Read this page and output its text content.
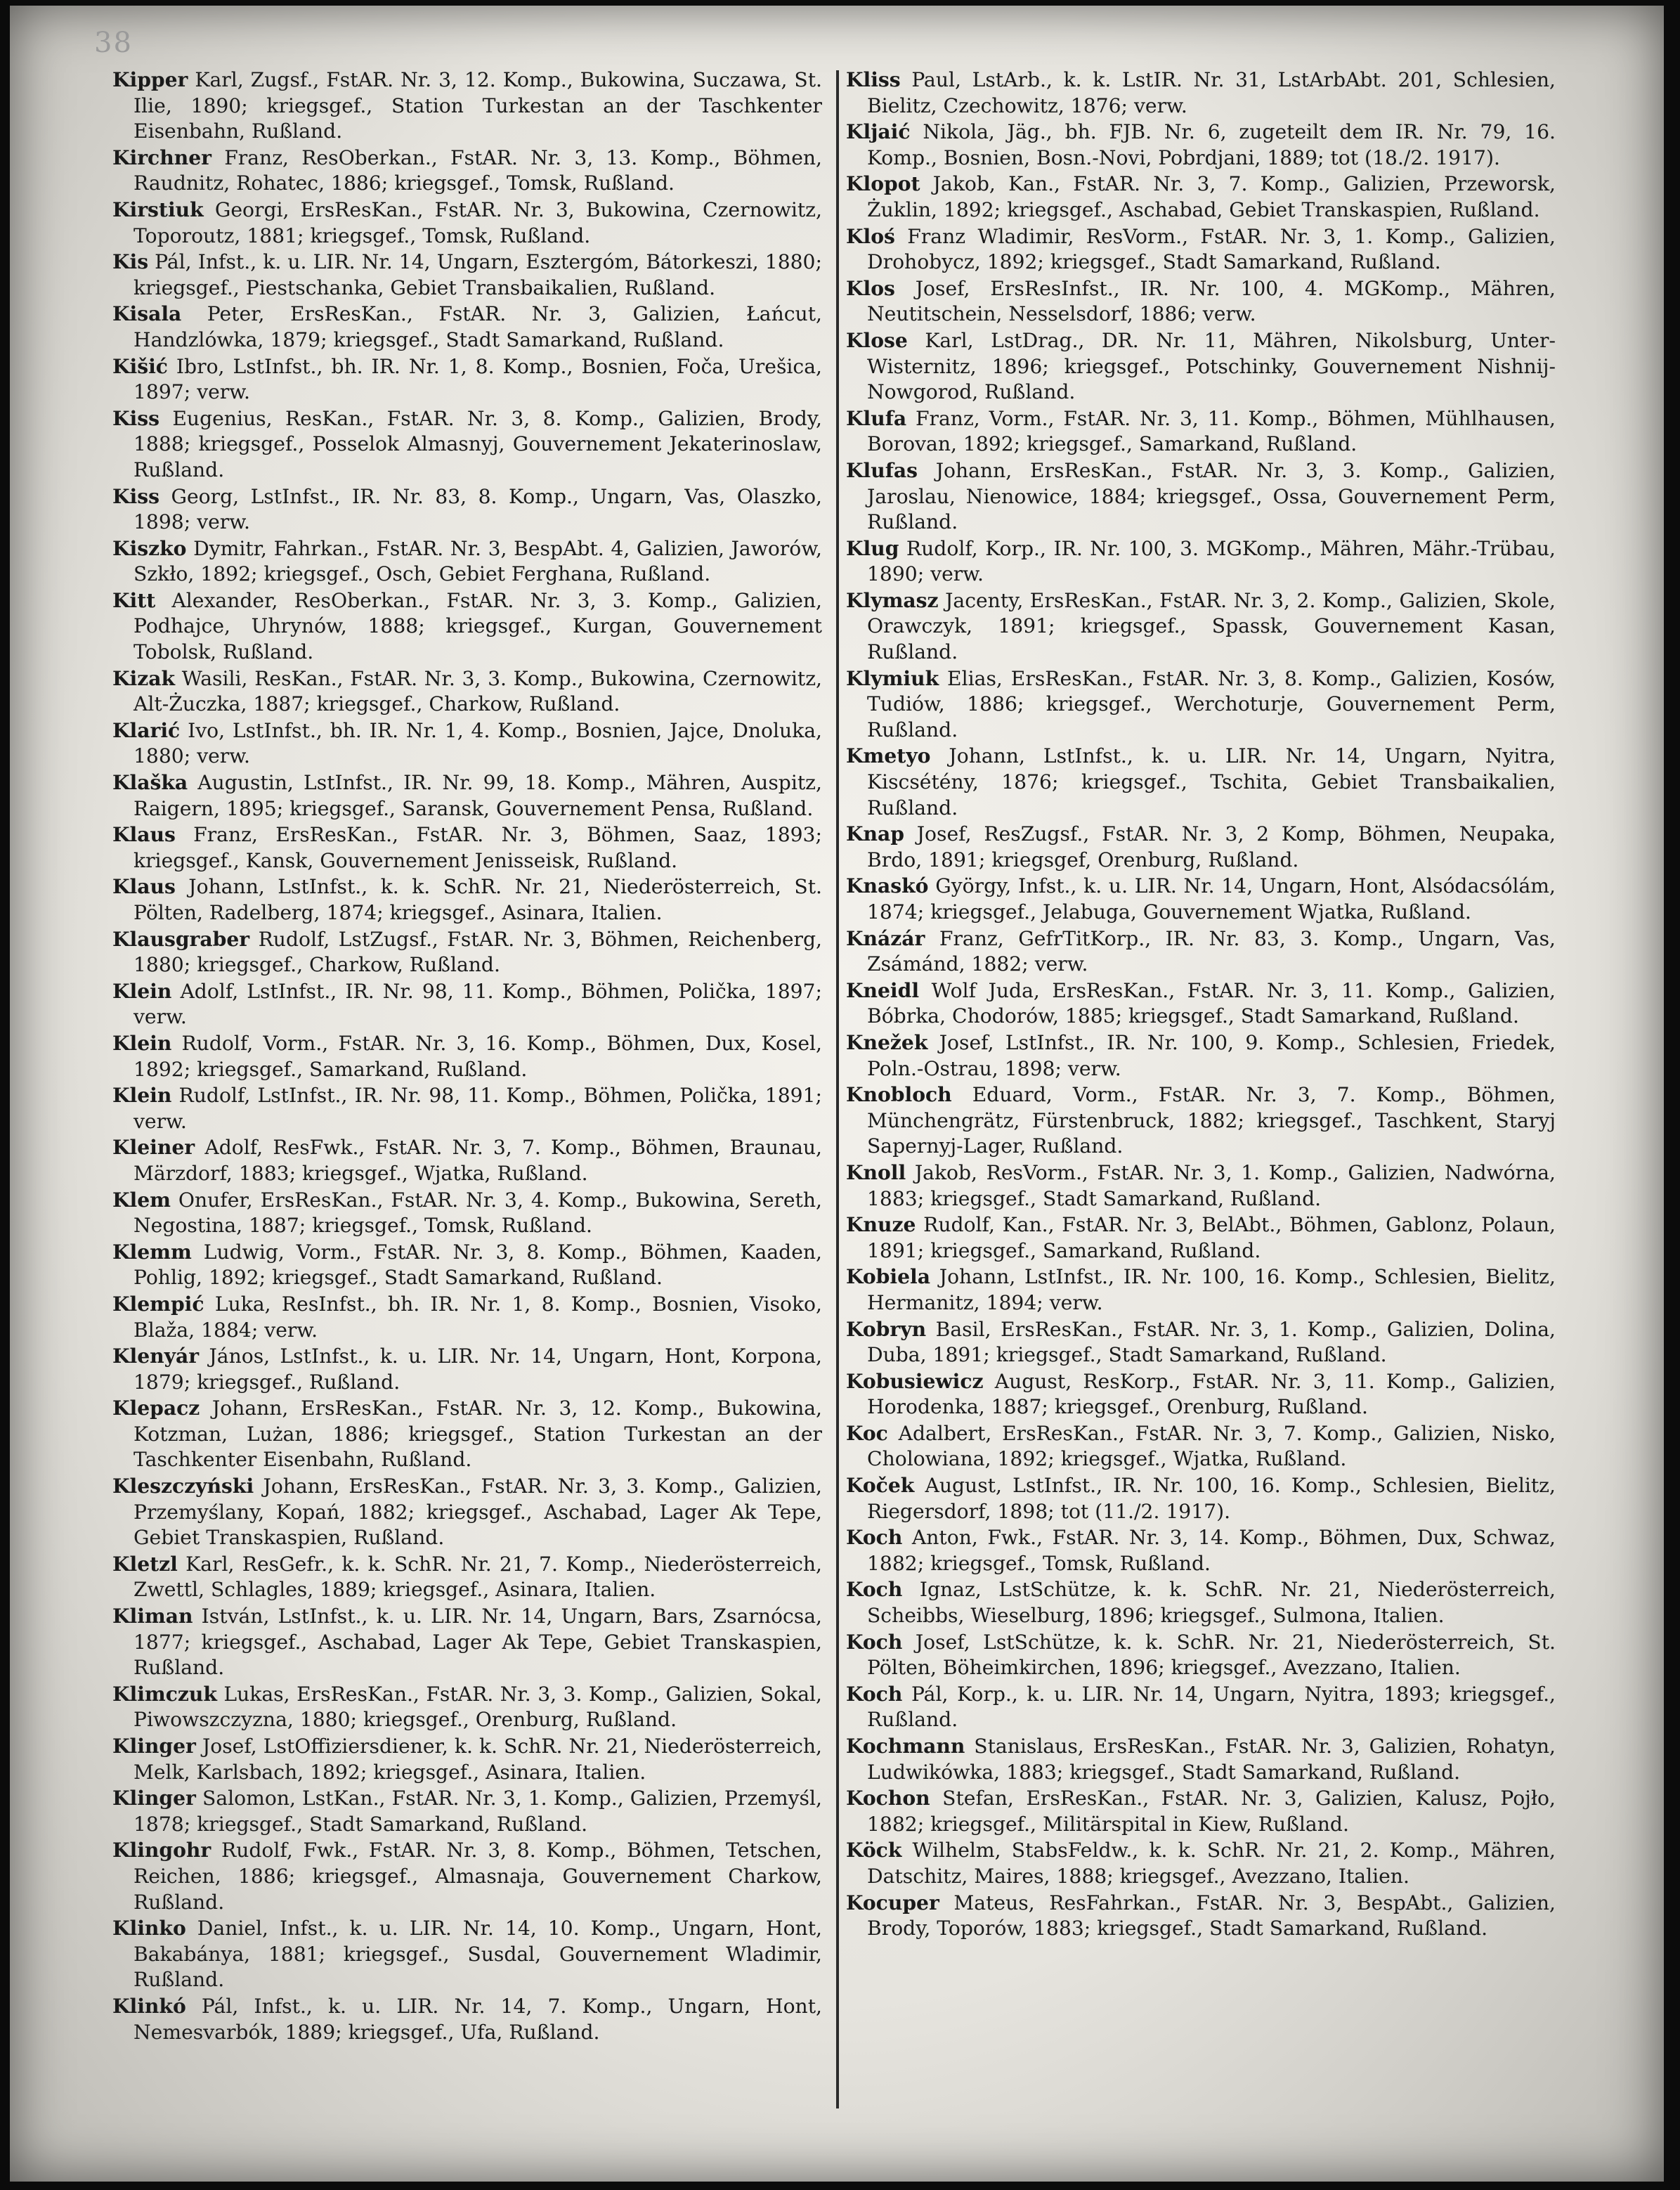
38

Kipper Karl, Zugsf., FstAR. Nr. 3, 12. Komp., Bukowina, Suczawa, St. Ilie, 1890; kriegsgef., Station Turkestan an der Taschkenter Eisenbahn, Rußland.

Kirchner Franz, ResOberkan., FstAR. Nr. 3, 13. Komp., Böhmen, Raudnitz, Rohatec, 1886; kriegsgef., Tomsk, Rußland.

Kirstiuk Georgi, ErsResKan., FstAR. Nr. 3, Bukowina, Czernowitz, Toporoutz, 1881; kriegsgef., Tomsk, Rußland.

Kis Pál, Infst., k. u. LIR. Nr. 14, Ungarn, Esztergóm, Bátorkeszi, 1880; kriegsgef., Piestschanka, Gebiet Transbaikalien, Rußland.

Kisala Peter, ErsResKan., FstAR. Nr. 3, Galizien, Łańcut, Handzlówka, 1879; kriegsgef., Stadt Samarkand, Rußland.

Kišić Ibro, LstInfst., bh. IR. Nr. 1, 8. Komp., Bosnien, Foča, Urešica, 1897; verw.

Kiss Eugenius, ResKan., FstAR. Nr. 3, 8. Komp., Galizien, Brody, 1888; kriegsgef., Posselok Almasnyj, Gouvernement Jekaterinoslaw, Rußland.

Kiss Georg, LstInfst., IR. Nr. 83, 8. Komp., Ungarn, Vas, Olaszko, 1898; verw.

Kiszko Dymitr, Fahrkan., FstAR. Nr. 3, BespAbt. 4, Galizien, Jaworów, Szkło, 1892; kriegsgef., Osch, Gebiet Ferghana, Rußland.

Kitt Alexander, ResOberkan., FstAR. Nr. 3, 3. Komp., Galizien, Podhajce, Uhrynów, 1888; kriegsgef., Kurgan, Gouvernement Tobolsk, Rußland.

Kizak Wasili, ResKan., FstAR. Nr. 3, 3. Komp., Bukowina, Czernowitz, Alt-Żuczka, 1887; kriegsgef., Charkow, Rußland.

Klarić Ivo, LstInfst., bh. IR. Nr. 1, 4. Komp., Bosnien, Jajce, Dnoluka, 1880; verw.

Klaška Augustin, LstInfst., IR. Nr. 99, 18. Komp., Mähren, Auspitz, Raigern, 1895; kriegsgef., Saransk, Gouvernement Pensa, Rußland.

Klaus Franz, ErsResKan., FstAR. Nr. 3, Böhmen, Saaz, 1893; kriegsgef., Kansk, Gouvernement Jenisseisk, Rußland.

Klaus Johann, LstInfst., k. k. SchR. Nr. 21, Niederösterreich, St. Pölten, Radelberg, 1874; kriegsgef., Asinara, Italien.

Klausgraber Rudolf, LstZugsf., FstAR. Nr. 3, Böhmen, Reichenberg, 1880; kriegsgef., Charkow, Rußland.

Klein Adolf, LstInfst., IR. Nr. 98, 11. Komp., Böhmen, Polička, 1897; verw.

Klein Rudolf, Vorm., FstAR. Nr. 3, 16. Komp., Böhmen, Dux, Kosel, 1892; kriegsgef., Samarkand, Rußland.

Klein Rudolf, LstInfst., IR. Nr. 98, 11. Komp., Böhmen, Polička, 1891; verw.

Kleiner Adolf, ResFwk., FstAR. Nr. 3, 7. Komp., Böhmen, Braunau, Märzdorf, 1883; kriegsgef., Wjatka, Rußland.

Klem Onufer, ErsResKan., FstAR. Nr. 3, 4. Komp., Bukowina, Sereth, Negostina, 1887; kriegsgef., Tomsk, Rußland.

Klemm Ludwig, Vorm., FstAR. Nr. 3, 8. Komp., Böhmen, Kaaden, Pohlig, 1892; kriegsgef., Stadt Samarkand, Rußland.

Klempić Luka, ResInfst., bh. IR. Nr. 1, 8. Komp., Bosnien, Visoko, Blaža, 1884; verw.

Klenyár János, LstInfst., k. u. LIR. Nr. 14, Ungarn, Hont, Korpona, 1879; kriegsgef., Rußland.

Klepacz Johann, ErsResKan., FstAR. Nr. 3, 12. Komp., Bukowina, Kotzman, Lużan, 1886; kriegsgef., Station Turkestan an der Taschkenter Eisenbahn, Rußland.

Kleszczyński Johann, ErsResKan., FstAR. Nr. 3, 3. Komp., Galizien, Przemyślany, Kopań, 1882; kriegsgef., Aschabad, Lager Ak Tepe, Gebiet Transkaspien, Rußland.

Kletzl Karl, ResGefr., k. k. SchR. Nr. 21, 7. Komp., Niederösterreich, Zwettl, Schlagles, 1889; kriegsgef., Asinara, Italien.

Kliman István, LstInfst., k. u. LIR. Nr. 14, Ungarn, Bars, Zsarnócsa, 1877; kriegsgef., Aschabad, Lager Ak Tepe, Gebiet Transkaspien, Rußland.

Klimczuk Lukas, ErsResKan., FstAR. Nr. 3, 3. Komp., Galizien, Sokal, Piwowszczyzna, 1880; kriegsgef., Orenburg, Rußland.

Klinger Josef, LstOffiziersdiener, k. k. SchR. Nr. 21, Niederösterreich, Melk, Karlsbach, 1892; kriegsgef., Asinara, Italien.

Klinger Salomon, LstKan., FstAR. Nr. 3, 1. Komp., Galizien, Przemyśl, 1878; kriegsgef., Stadt Samarkand, Rußland.

Klingohr Rudolf, Fwk., FstAR. Nr. 3, 8. Komp., Böhmen, Tetschen, Reichen, 1886; kriegsgef., Almasnaja, Gouvernement Charkow, Rußland.

Klinko Daniel, Infst., k. u. LIR. Nr. 14, 10. Komp., Ungarn, Hont, Bakabánya, 1881; kriegsgef., Susdal, Gouvernement Wladimir, Rußland.

Klinkó Pál, Infst., k. u. LIR. Nr. 14, 7. Komp., Ungarn, Hont, Nemesvarbók, 1889; kriegsgef., Ufa, Rußland.

Kliss Paul, LstArb., k. k. LstIR. Nr. 31, LstArbAbt. 201, Schlesien, Bielitz, Czechowitz, 1876; verw.

Kljaić Nikola, Jäg., bh. FJB. Nr. 6, zugeteilt dem IR. Nr. 79, 16. Komp., Bosnien, Bosn.-Novi, Pobrdjani, 1889; tot (18./2. 1917).

Klopot Jakob, Kan., FstAR. Nr. 3, 7. Komp., Galizien, Przeworsk, Żuklin, 1892; kriegsgef., Aschabad, Gebiet Transkaspien, Rußland.

Kloś Franz Wladimir, ResVorm., FstAR. Nr. 3, 1. Komp., Galizien, Drohobycz, 1892; kriegsgef., Stadt Samarkand, Rußland.

Klos Josef, ErsResInfst., IR. Nr. 100, 4. MGKomp., Mähren, Neutitschein, Nesselsdorf, 1886; verw.

Klose Karl, LstDrag., DR. Nr. 11, Mähren, Nikolsburg, Unter-Wisternitz, 1896; kriegsgef., Potschinky, Gouvernement Nishnij-Nowgorod, Rußland.

Klufa Franz, Vorm., FstAR. Nr. 3, 11. Komp., Böhmen, Mühlhausen, Borovan, 1892; kriegsgef., Samarkand, Rußland.

Klufas Johann, ErsResKan., FstAR. Nr. 3, 3. Komp., Galizien, Jaroslau, Nienowice, 1884; kriegsgef., Ossa, Gouvernement Perm, Rußland.

Klug Rudolf, Korp., IR. Nr. 100, 3. MGKomp., Mähren, Mähr.-Trübau, 1890; verw.

Klymasz Jacenty, ErsResKan., FstAR. Nr. 3, 2. Komp., Galizien, Skole, Orawczyk, 1891; kriegsgef., Spassk, Gouvernement Kasan, Rußland.

Klymiuk Elias, ErsResKan., FstAR. Nr. 3, 8. Komp., Galizien, Kosów, Tudiów, 1886; kriegsgef., Werchoturje, Gouvernement Perm, Rußland.

Kmetyo Johann, LstInfst., k. u. LIR. Nr. 14, Ungarn, Nyitra, Kiscsétény, 1876; kriegsgef., Tschita, Gebiet Transbaikalien, Rußland.

Knap Josef, ResZugsf., FstAR. Nr. 3, 2 Komp, Böhmen, Neupaka, Brdo, 1891; kriegsgef, Orenburg, Rußland.

Knaskó György, Infst., k. u. LIR. Nr. 14, Ungarn, Hont, Alsódacsólám, 1874; kriegsgef., Jelabuga, Gouvernement Wjatka, Rußland.

Knázár Franz, GefrTitKorp., IR. Nr. 83, 3. Komp., Ungarn, Vas, Zsámánd, 1882; verw.

Kneidl Wolf Juda, ErsResKan., FstAR. Nr. 3, 11. Komp., Galizien, Bóbrka, Chodorów, 1885; kriegsgef., Stadt Samarkand, Rußland.

Knežek Josef, LstInfst., IR. Nr. 100, 9. Komp., Schlesien, Friedek, Poln.-Ostrau, 1898; verw.

Knobloch Eduard, Vorm., FstAR. Nr. 3, 7. Komp., Böhmen, Münchengrätz, Fürstenbruck, 1882; kriegsgef., Taschkent, Staryj Sapernyj-Lager, Rußland.

Knoll Jakob, ResVorm., FstAR. Nr. 3, 1. Komp., Galizien, Nadwórna, 1883; kriegsgef., Stadt Samarkand, Rußland.

Knuze Rudolf, Kan., FstAR. Nr. 3, BelAbt., Böhmen, Gablonz, Polaun, 1891; kriegsgef., Samarkand, Rußland.

Kobiela Johann, LstInfst., IR. Nr. 100, 16. Komp., Schlesien, Bielitz, Hermanitz, 1894; verw.

Kobryn Basil, ErsResKan., FstAR. Nr. 3, 1. Komp., Galizien, Dolina, Duba, 1891; kriegsgef., Stadt Samarkand, Rußland.

Kobusiewicz August, ResKorp., FstAR. Nr. 3, 11. Komp., Galizien, Horodenka, 1887; kriegsgef., Orenburg, Rußland.

Koc Adalbert, ErsResKan., FstAR. Nr. 3, 7. Komp., Galizien, Nisko, Cholowiana, 1892; kriegsgef., Wjatka, Rußland.

Koček August, LstInfst., IR. Nr. 100, 16. Komp., Schlesien, Bielitz, Riegersdorf, 1898; tot (11./2. 1917).

Koch Anton, Fwk., FstAR. Nr. 3, 14. Komp., Böhmen, Dux, Schwaz, 1882; kriegsgef., Tomsk, Rußland.

Koch Ignaz, LstSchütze, k. k. SchR. Nr. 21, Niederösterreich, Scheibbs, Wieselburg, 1896; kriegsgef., Sulmona, Italien.

Koch Josef, LstSchütze, k. k. SchR. Nr. 21, Niederösterreich, St. Pölten, Böheimkirchen, 1896; kriegsgef., Avezzano, Italien.

Koch Pál, Korp., k. u. LIR. Nr. 14, Ungarn, Nyitra, 1893; kriegsgef., Rußland.

Kochmann Stanislaus, ErsResKan., FstAR. Nr. 3, Galizien, Rohatyn, Ludwikówka, 1883; kriegsgef., Stadt Samarkand, Rußland.

Kochon Stefan, ErsResKan., FstAR. Nr. 3, Galizien, Kalusz, Pojło, 1882; kriegsgef., Militärspital in Kiew, Rußland.

Köck Wilhelm, StabsFeldw., k. k. SchR. Nr. 21, 2. Komp., Mähren, Datschitz, Maires, 1888; kriegsgef., Avezzano, Italien.

Kocuper Mateus, ResFahrkan., FstAR. Nr. 3, BespAbt., Galizien, Brody, Toporów, 1883; kriegsgef., Stadt Samarkand, Rußland.
